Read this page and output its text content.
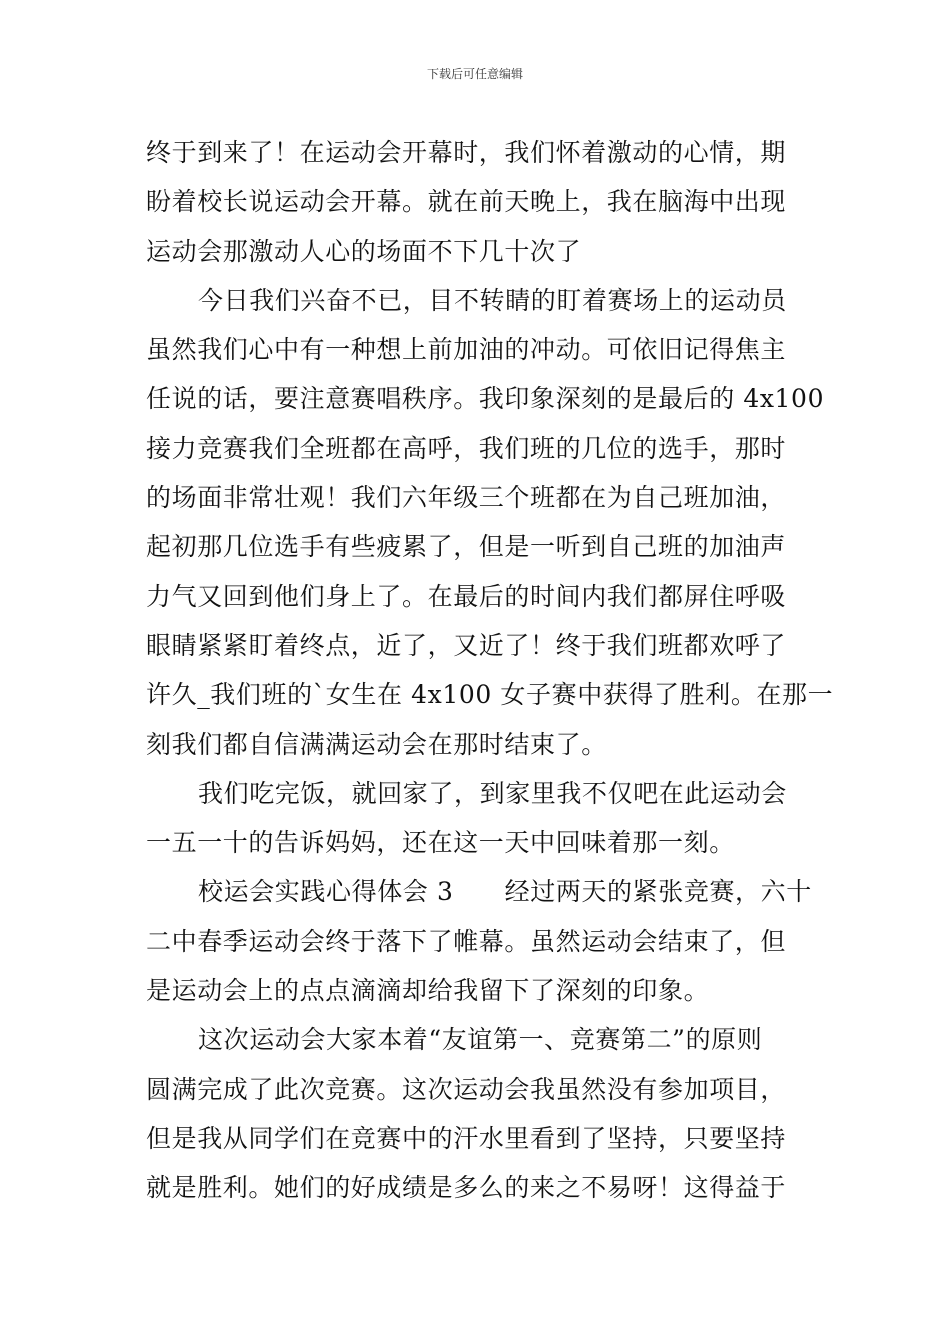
下载后可任意编辑
终于到来了！在运动会开幕时，我们怀着激动的心情，期
盼着校长说运动会开幕。就在前天晚上，我在脑海中出现
运动会那激动人心的场面不下几十次了
今日我们兴奋不已，目不转睛的盯着赛场上的运动员
虽然我们心中有一种想上前加油的冲动。可依旧记得焦主
任说的话，要注意赛唱秩序。我印象深刻的是最后的 4x100
接力竞赛我们全班都在高呼，我们班的几位的选手，那时
的场面非常壮观！我们六年级三个班都在为自己班加油，
起初那几位选手有些疲累了，但是一听到自己班的加油声
力气又回到他们身上了。在最后的时间内我们都屏住呼吸
眼睛紧紧盯着终点，近了，又近了！终于我们班都欢呼了
许久_我们班的`女生在 4x100 女子赛中获得了胜利。在那一
刻我们都自信满满运动会在那时结束了。
我们吃完饭，就回家了，到家里我不仅吧在此运动会
一五一十的告诉妈妈，还在这一天中回味着那一刻。
校运会实践心得体会 3　　经过两天的紧张竞赛，六十
二中春季运动会终于落下了帷幕。虽然运动会结束了，但
是运动会上的点点滴滴却给我留下了深刻的印象。
这次运动会大家本着“友谊第一、竞赛第二”的原则
圆满完成了此次竞赛。这次运动会我虽然没有参加项目，
但是我从同学们在竞赛中的汗水里看到了坚持，只要坚持
就是胜利。她们的好成绩是多么的来之不易呀！这得益于
